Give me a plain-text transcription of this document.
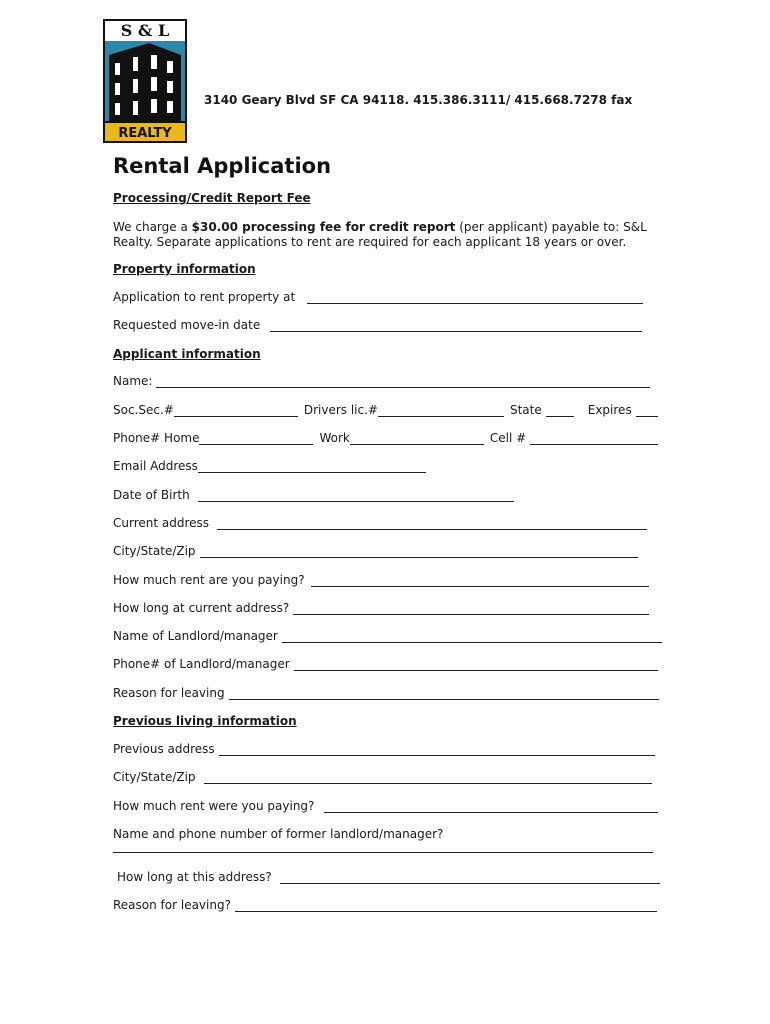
S & L
REALTY
3140 Geary Blvd SF CA 94118. 415.386.3111/ 415.668.7278 fax
Rental Application
Processing/Credit Report Fee
We charge a $30.00 processing fee for credit report (per applicant) payable to: S&L Realty. Separate applications to rent are required for each applicant 18 years or over.
Property information
Application to rent property at
Requested move-in date
Applicant information
Name:
Soc.Sec.#	Drivers lic.#	State	Expires
Phone# Home	Work	Cell #
Email Address
Date of Birth
Current address
City/State/Zip
How much rent are you paying?
How long at current address?
Name of Landlord/manager
Phone# of Landlord/manager
Reason for leaving
Previous living information
Previous address
City/State/Zip
How much rent were you paying?
Name and phone number of former landlord/manager?
How long at this address?
Reason for leaving?
